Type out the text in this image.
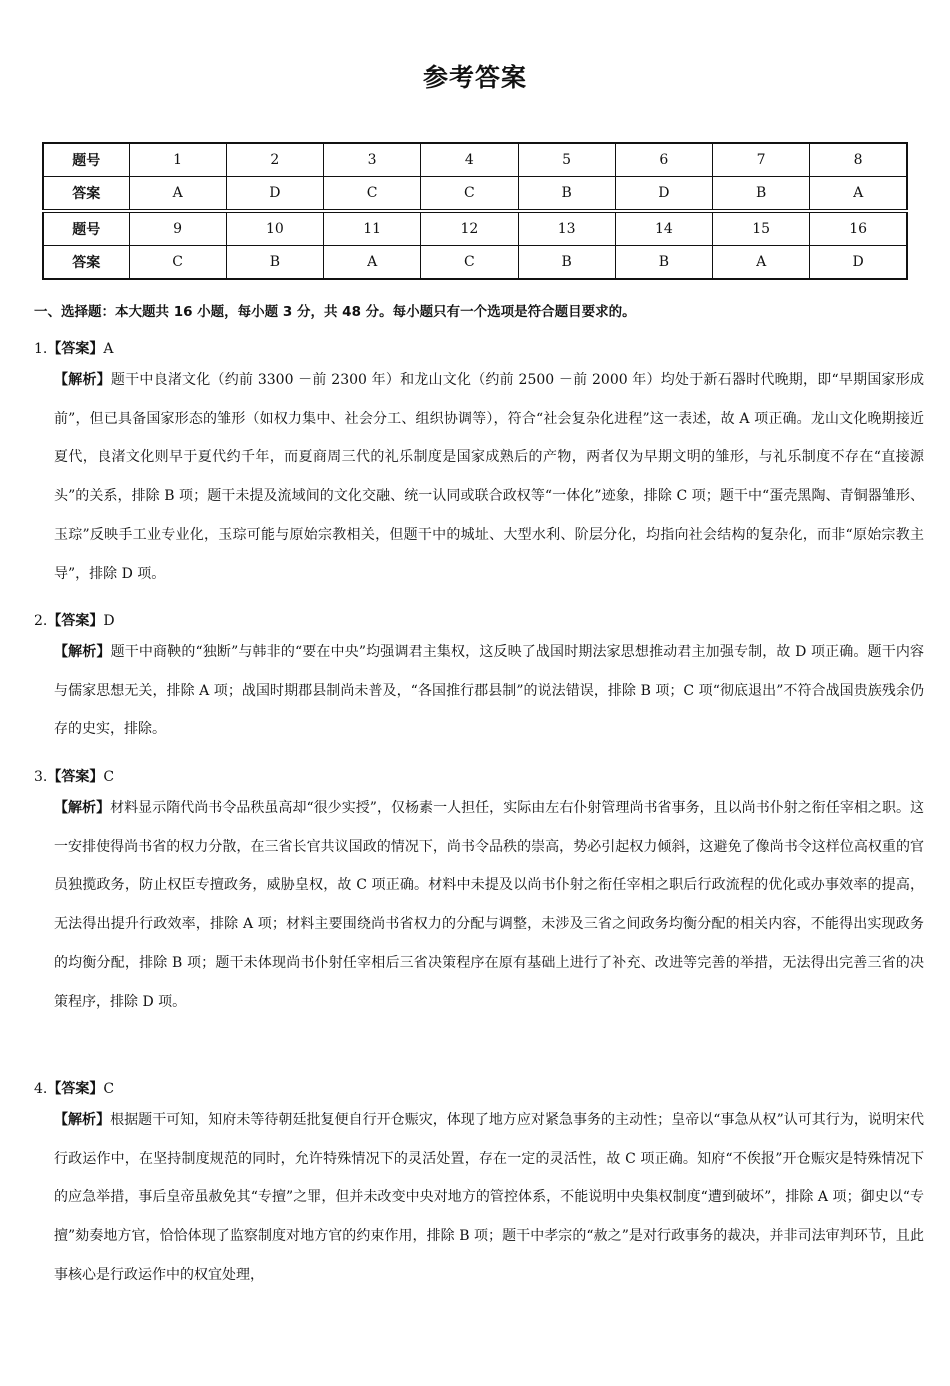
参考答案
题号	1	2	3	4	5	6	7	8
答案	A	D	C	C	B	D	B	A
题号	9	10	11	12	13	14	15	16
答案	C	B	A	C	B	B	A	D
一、选择题：本大题共 16 小题，每小题 3 分，共 48 分。每小题只有一个选项是符合题目要求的。
1.【答案】A

【解析】题干中良渚文化（约前 3300 －前 2300 年）和龙山文化（约前 2500 －前 2000 年）均处于新石器时代晚期，即“早期国家形成前”，但已具备国家形态的雏形（如权力集中、社会分工、组织协调等），符合“社会复杂化进程”这一表述，故 A 项正确。龙山文化晚期接近夏代，良渚文化则早于夏代约千年，而夏商周三代的礼乐制度是国家成熟后的产物，两者仅为早期文明的雏形，与礼乐制度不存在“直接源头”的关系，排除 B 项；题干未提及流域间的文化交融、统一认同或联合政权等“一体化”迹象，排除 C 项；题干中“蛋壳黑陶、青铜器雏形、玉琮”反映手工业专业化，玉琮可能与原始宗教相关，但题干中的城址、大型水利、阶层分化，均指向社会结构的复杂化，而非“原始宗教主导”，排除 D 项。

2.【答案】D

【解析】题干中商鞅的“独断”与韩非的“要在中央”均强调君主集权，这反映了战国时期法家思想推动君主加强专制，故 D 项正确。题干内容与儒家思想无关，排除 A 项；战国时期郡县制尚未普及，“各国推行郡县制”的说法错误，排除 B 项；C 项“彻底退出”不符合战国贵族残余仍存的史实，排除。

3.【答案】C

【解析】材料显示隋代尚书令品秩虽高却“很少实授”，仅杨素一人担任，实际由左右仆射管理尚书省事务，且以尚书仆射之衔任宰相之职。这一安排使得尚书省的权力分散，在三省长官共议国政的情况下，尚书令品秩的崇高，势必引起权力倾斜，这避免了像尚书令这样位高权重的官员独揽政务，防止权臣专擅政务，威胁皇权，故 C 项正确。材料中未提及以尚书仆射之衔任宰相之职后行政流程的优化或办事效率的提高，无法得出提升行政效率，排除 A 项；材料主要围绕尚书省权力的分配与调整，未涉及三省之间政务均衡分配的相关内容，不能得出实现政务的均衡分配，排除 B 项；题干未体现尚书仆射任宰相后三省决策程序在原有基础上进行了补充、改进等完善的举措，无法得出完善三省的决策程序，排除 D 项。

4.【答案】C

【解析】根据题干可知，知府未等待朝廷批复便自行开仓赈灾，体现了地方应对紧急事务的主动性；皇帝以“事急从权”认可其行为，说明宋代行政运作中，在坚持制度规范的同时，允许特殊情况下的灵活处置，存在一定的灵活性，故 C 项正确。知府“不俟报”开仓赈灾是特殊情况下的应急举措，事后皇帝虽赦免其“专擅”之罪，但并未改变中央对地方的管控体系，不能说明中央集权制度“遭到破坏”，排除 A 项；御史以“专擅”劾奏地方官，恰恰体现了监察制度对地方官的约束作用，排除 B 项；题干中孝宗的“赦之”是对行政事务的裁决，并非司法审判环节，且此事核心是行政运作中的权宜处理，
